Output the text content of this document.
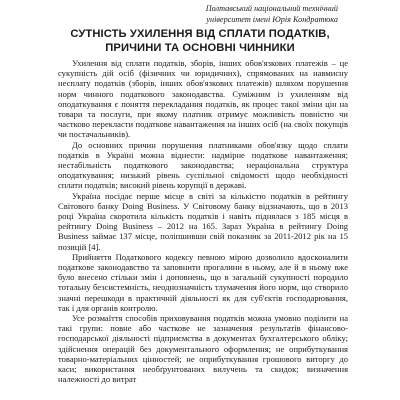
Полтавський національний технічний
університет імені Юрія Кондратюка
СУТНІСТЬ УХИЛЕННЯ ВІД СПЛАТИ ПОДАТКІВ,
ПРИЧИНИ ТА ОСНОВНІ ЧИННИКИ

Ухилення від сплати податків, зборів, інших обов'язкових платежів – це сукупність дій осіб (фізичних чи юридичних), спрямованих на навмисну несплату податків (зборів, інших обов'язкових платежів) шляхом порушення норм чинного податкового законодавства. Суміжним із ухиленням від оподаткування є поняття перекладання податків, як процес такої зміни цін на товари та послуги, при якому платник отримує можливість повністю чи частково перекласти податкове навантаження на інших осіб (на своїх покупців чи постачальників).

До основних причин порушення платниками обов'язку щодо сплати податків в Україні можна віднести: надмірне податкове навантаження; нестабільність податкового законодавства; нераціональна структура оподаткування; низький рівень суспільної свідомості щодо необхідності сплати податків; високий рівень корупції в державі.

Україна посідає перше місце в світі за кількістю податків в рейтингу Світового банку Doing Business. У Світовому банку відзначають, що в 2013 році Україна скоротила кількість податків і навіть піднялася з 185 місця в рейтингу Doing Business – 2012 на 165. Зараз Україна в рейтингу Doing Business займає 137 місце, поліпшивши свій показник за 2011-2012 рік на 15 позицій [4].

Прийняття Податкового кодексу певною мірою дозволило вдосконалити податкове законодавство та заповнити прогалини в ньому, але й в ньому вже було внесено стільки змін і доповнень, що в загальній сукупності породило тотальну безсистемність, неоднозначність тлумачення його норм, що створило значні перешкоди в практичній діяльності як для суб'єктів господарювання, так і для органів контролю.

Усе розмаїття способів приховування податків можна умовно поділити на такі групи: повне або часткове не зазначення результатів фінансово-господарської діяльності підприємства в документах бухгалтерського обліку; здійснення операцій без документального оформлення; не оприбуткування товарно-матеріальних цінностей; не оприбуткування грошового виторгу до каси; використання необґрунтованих вилучень та скидок; визначення належності до витрат
